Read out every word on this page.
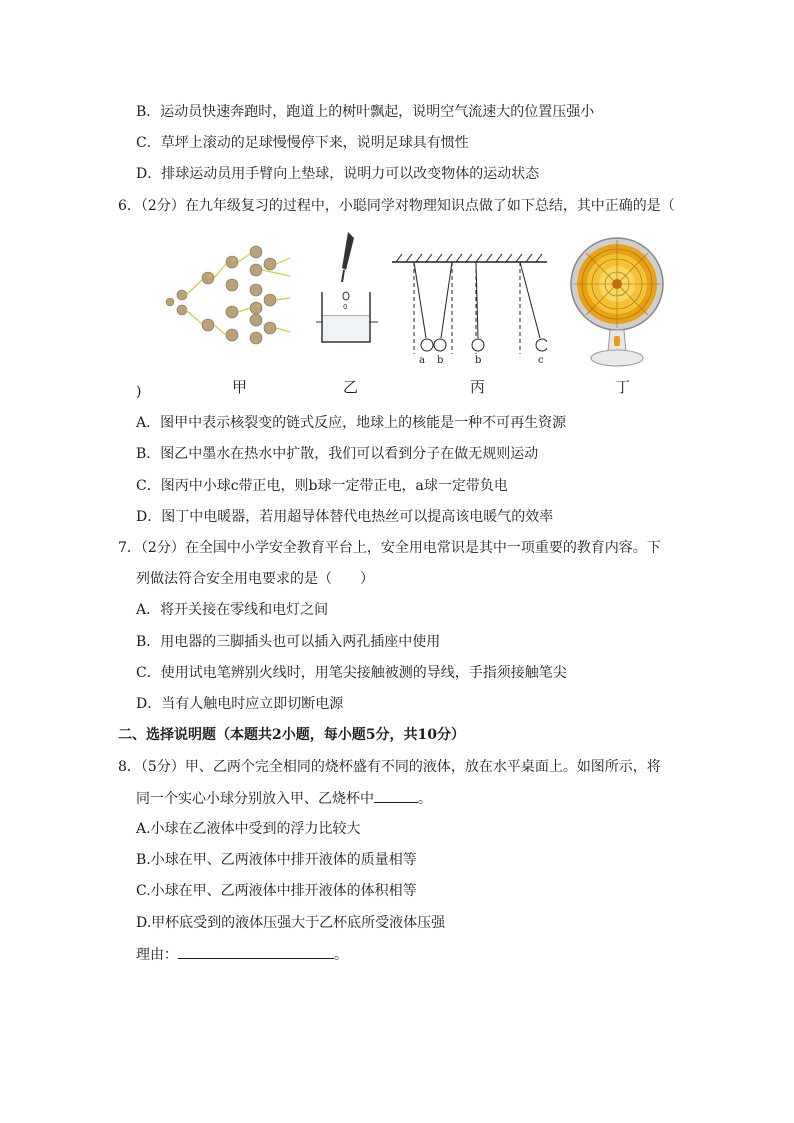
B．运动员快速奔跑时，跑道上的树叶飘起，说明空气流速大的位置压强小
C．草坪上滚动的足球慢慢停下来，说明足球具有惯性
D．排球运动员用手臂向上垫球，说明力可以改变物体的运动状态
6．（2分）在九年级复习的过程中，小聪同学对物理知识点做了如下总结，其中正确的是（
)
0
a b	b	c
甲	乙	丙	丁
A．图甲中表示核裂变的链式反应，地球上的核能是一种不可再生资源
B．图乙中墨水在热水中扩散，我们可以看到分子在做无规则运动
C．图丙中小球c带正电，则b球一定带正电，a球一定带负电
D．图丁中电暖器，若用超导体替代电热丝可以提高该电暖气的效率
7．（2分）在全国中小学安全教育平台上，安全用电常识是其中一项重要的教育内容。下
列做法符合安全用电要求的是（　　）
A．将开关接在零线和电灯之间
B．用电器的三脚插头也可以插入两孔插座中使用
C．使用试电笔辨别火线时，用笔尖接触被测的导线，手指须接触笔尖
D．当有人触电时应立即切断电源
二、选择说明题（本题共2小题，每小题5分，共10分）
8．（5分）甲、乙两个完全相同的烧杯盛有不同的液体，放在水平桌面上。如图所示，将
同一个实心小球分别放入甲、乙烧杯中	。
A.小球在乙液体中受到的浮力比较大
B.小球在甲、乙两液体中排开液体的质量相等
C.小球在甲、乙两液体中排开液体的体积相等
D.甲杯底受到的液体压强大于乙杯底所受液体压强
理由：	。
